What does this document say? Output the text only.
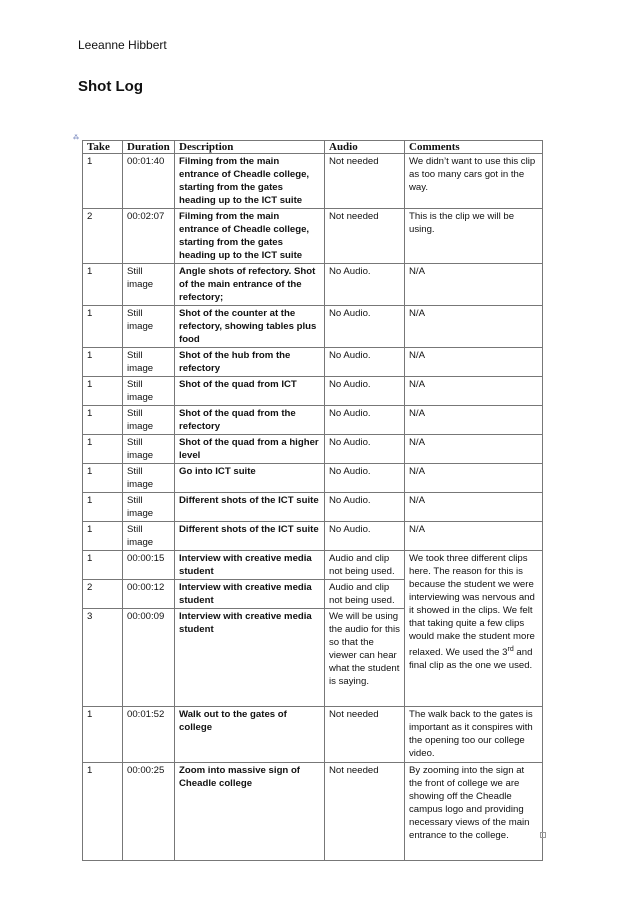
Leeanne Hibbert
Shot Log
⁂
Take	Duration	Description	Audio	Comments
1	00:01:40	Filming from the main entrance of Cheadle college, starting from the gates heading up to the ICT suite	Not needed	We didn’t want to use this clip as too many cars got in the way.
2	00:02:07	Filming from the main entrance of Cheadle college, starting from the gates heading up to the ICT suite	Not needed	This is the clip we will be using.
1	Still image	Angle shots of refectory. Shot of the main entrance of the refectory;	No Audio.	N/A
1	Still image	Shot of the counter at the refectory, showing tables plus food	No Audio.	N/A
1	Still image	Shot of the hub from the refectory	No Audio.	N/A
1	Still image	Shot of the quad from ICT	No Audio.	N/A
1	Still image	Shot of the quad from the refectory	No Audio.	N/A
1	Still image	Shot of the quad from a higher level	No Audio.	N/A
1	Still image	Go into ICT suite	No Audio.	N/A
1	Still image	Different shots of the ICT suite	No Audio.	N/A
1	Still image	Different shots of the ICT suite	No Audio.	N/A
1	00:00:15	Interview with creative media student	Audio and clip not being used.	We took three different clips here. The reason for this is because the student we were interviewing was nervous and it showed in the clips. We felt that taking quite a few clips would make the student more relaxed. We used the 3rd and final clip as the one we used.
2	00:00:12	Interview with creative media student	Audio and clip not being used.	
3	00:00:09	Interview with creative media student	We will be using the audio for this so that the viewer can hear what the student is saying.	
1	00:01:52	Walk out to the gates of college	Not needed	The walk back to the gates is important as it conspires with the opening too our college video.
1	00:00:25	Zoom into massive sign of Cheadle college	Not needed	By zooming into the sign at the front of college we are showing off the Cheadle campus logo and providing necessary views of the main entrance to the college.
